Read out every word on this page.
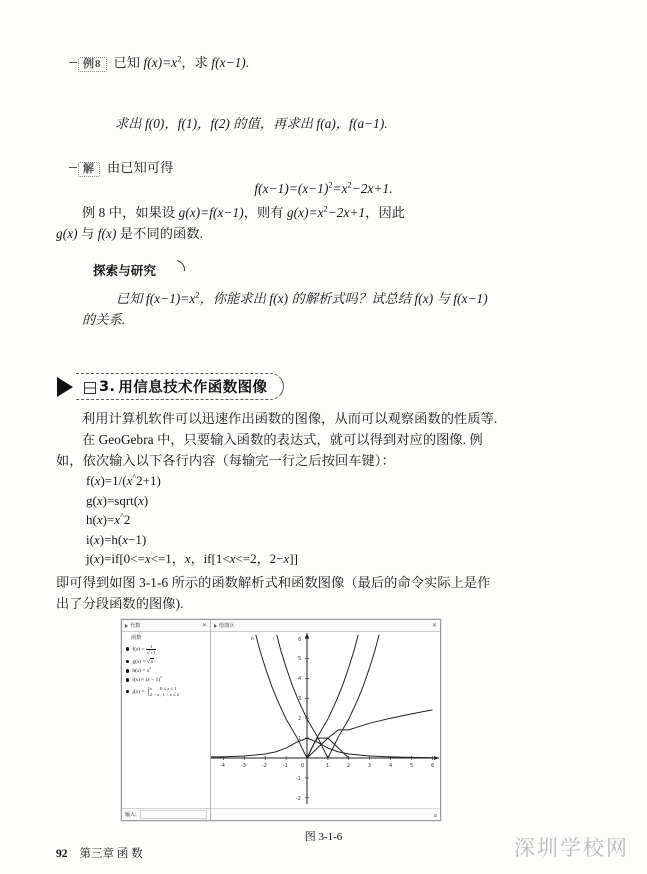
例8 已知 $f(x)=x^2$，求 f(x−1).
求出 f(0)，f(1)，f(2) 的值，再求出 f(a)，f(a−1).
解 由已知可得
$f(x-1)=(x-1)^2=x^2-2x+1$.
例 8 中，如果设 g(x)=f(x−1)，则有 $g(x)=x^2-2x+1$，因此
g(x) 与 f(x) 是不同的函数.
探索与研究
已知 $f(x-1)=x^2$，你能求出 f(x) 的解析式吗？试总结 f(x) 与 f(x−1)
的关系.
3. 用信息技术作函数图像
利用计算机软件可以迅速作出函数的图像，从而可以观察函数的性质等.
在 GeoGebra 中，只要输入函数的表达式，就可以得到对应的图像. 例
如，依次输入以下各行内容（每输完一行之后按回车键）：
f(x)=1/(x^2+1)
g(x)=sqrt(x)
h(x)=x^2
i(x)=h(x−1)
j(x)=if[0<=x<=1，x，if[1<x<=2，2−x]]
即可得到如图 3-1-6 所示的函数解析式和函数图像（最后的命令实际上是作
出了分段函数的图像).
代数	✕
函数
$f(x) = \frac{1}{x^2+1}$
g(x) = √x
$h(x) = x^2$
$i(x) = (x - 1)^2$
j( x ) = { x     , 0 ≤ x ≤ 1
2 − x , 1 < x ≤ 2
输入:
绘图区	✕
-4	-3	-2	-1	0	1	2	3	4	5	6
1
2
3
4
5
6
-1
-2
h	i
α
图 3-1-6
92 第三章 函 数	深圳学校网
